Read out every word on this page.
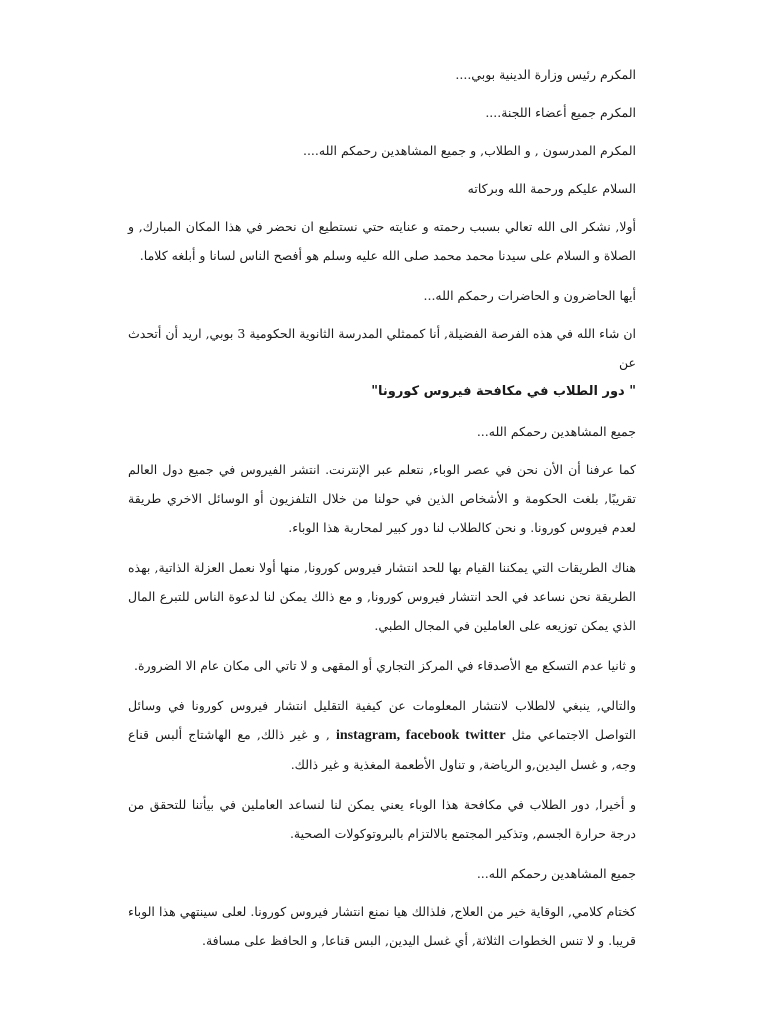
المكرم رئيس وزارة الدينية بوبي....

المكرم جميع أعضاء اللجنة....

المكرم المدرسون , و الطلاب, و جميع المشاهدين رحمكم الله....

السلام عليكم ورحمة الله وبركاته

أولا, نشكر الى الله تعالي بسبب رحمته و عنايته حتي نستطيع ان نحضر في هذا المكان المبارك, و الصلاة و السلام على سيدنا محمد محمد صلى الله عليه وسلم هو أفصح الناس لسانا و أبلغه كلاما.

أيها الحاضرون و الحاضرات رحمكم الله...

ان شاء الله في هذه الفرصة الفضيلة, أنا كممثلي المدرسة الثانوية الحكومية 3 بوبي, اريد أن أتحدث عن
" دور الطلاب في مكافحة فيروس كورونا"

جميع المشاهدين رحمكم الله...

كما عرفنا أن الأن نحن في عصر الوباء, نتعلم عبر الإنترنت. انتشر الفيروس في جميع دول العالم تقريبًا, بلغت الحكومة و الأشخاص الذين في حولنا من خلال التلفزيون أو الوسائل الاخري طريقة لعدم فيروس كورونا. و نحن كالطلاب لنا دور كبير لمحاربة هذا الوباء.

هناك الطريقات التي يمكننا القيام بها للحد انتشار فيروس كورونا, منها أولا نعمل العزلة الذاتية, بهذه الطريقة نحن نساعد في الحد انتشار فيروس كورونا, و مع ذالك يمكن لنا لدعوة الناس للتبرع المال الذي يمكن توزيعه على العاملين في المجال الطبي.

و ثانيا عدم التسكع مع الأصدقاء في المركز التجاري أو المقهى و لا تاتي الى مكان عام الا الضرورة.

والتالي, ينبغي لالطلاب لانتشار المعلومات عن كيفية التقليل انتشار فيروس كورونا في وسائل التواصل الاجتماعي مثل instagram, facebook twitter , و غير ذالك, مع الهاشتاج ألبس قناع وجه, و غسل اليدين,و الرياضة, و تناول الأطعمة المغذية و غير ذالك.

و أخيرا, دور الطلاب في مكافحة هذا الوباء يعني يمكن لنا لنساعد العاملين في بيأتنا للتحقق من درجة حرارة الجسم, وتذكير المجتمع بالالتزام بالبروتوكولات الصحية.

جميع المشاهدين رحمكم الله...

كختام كلامي, الوقاية خير من العلاج, فلذالك هيا نمنع انتشار فيروس كورونا. لعلى سينتهي هذا الوباء قريبا. و لا تنس الخطوات الثلاثة, أي غسل اليدين, البس قناعا, و الحافظ على مسافة.
